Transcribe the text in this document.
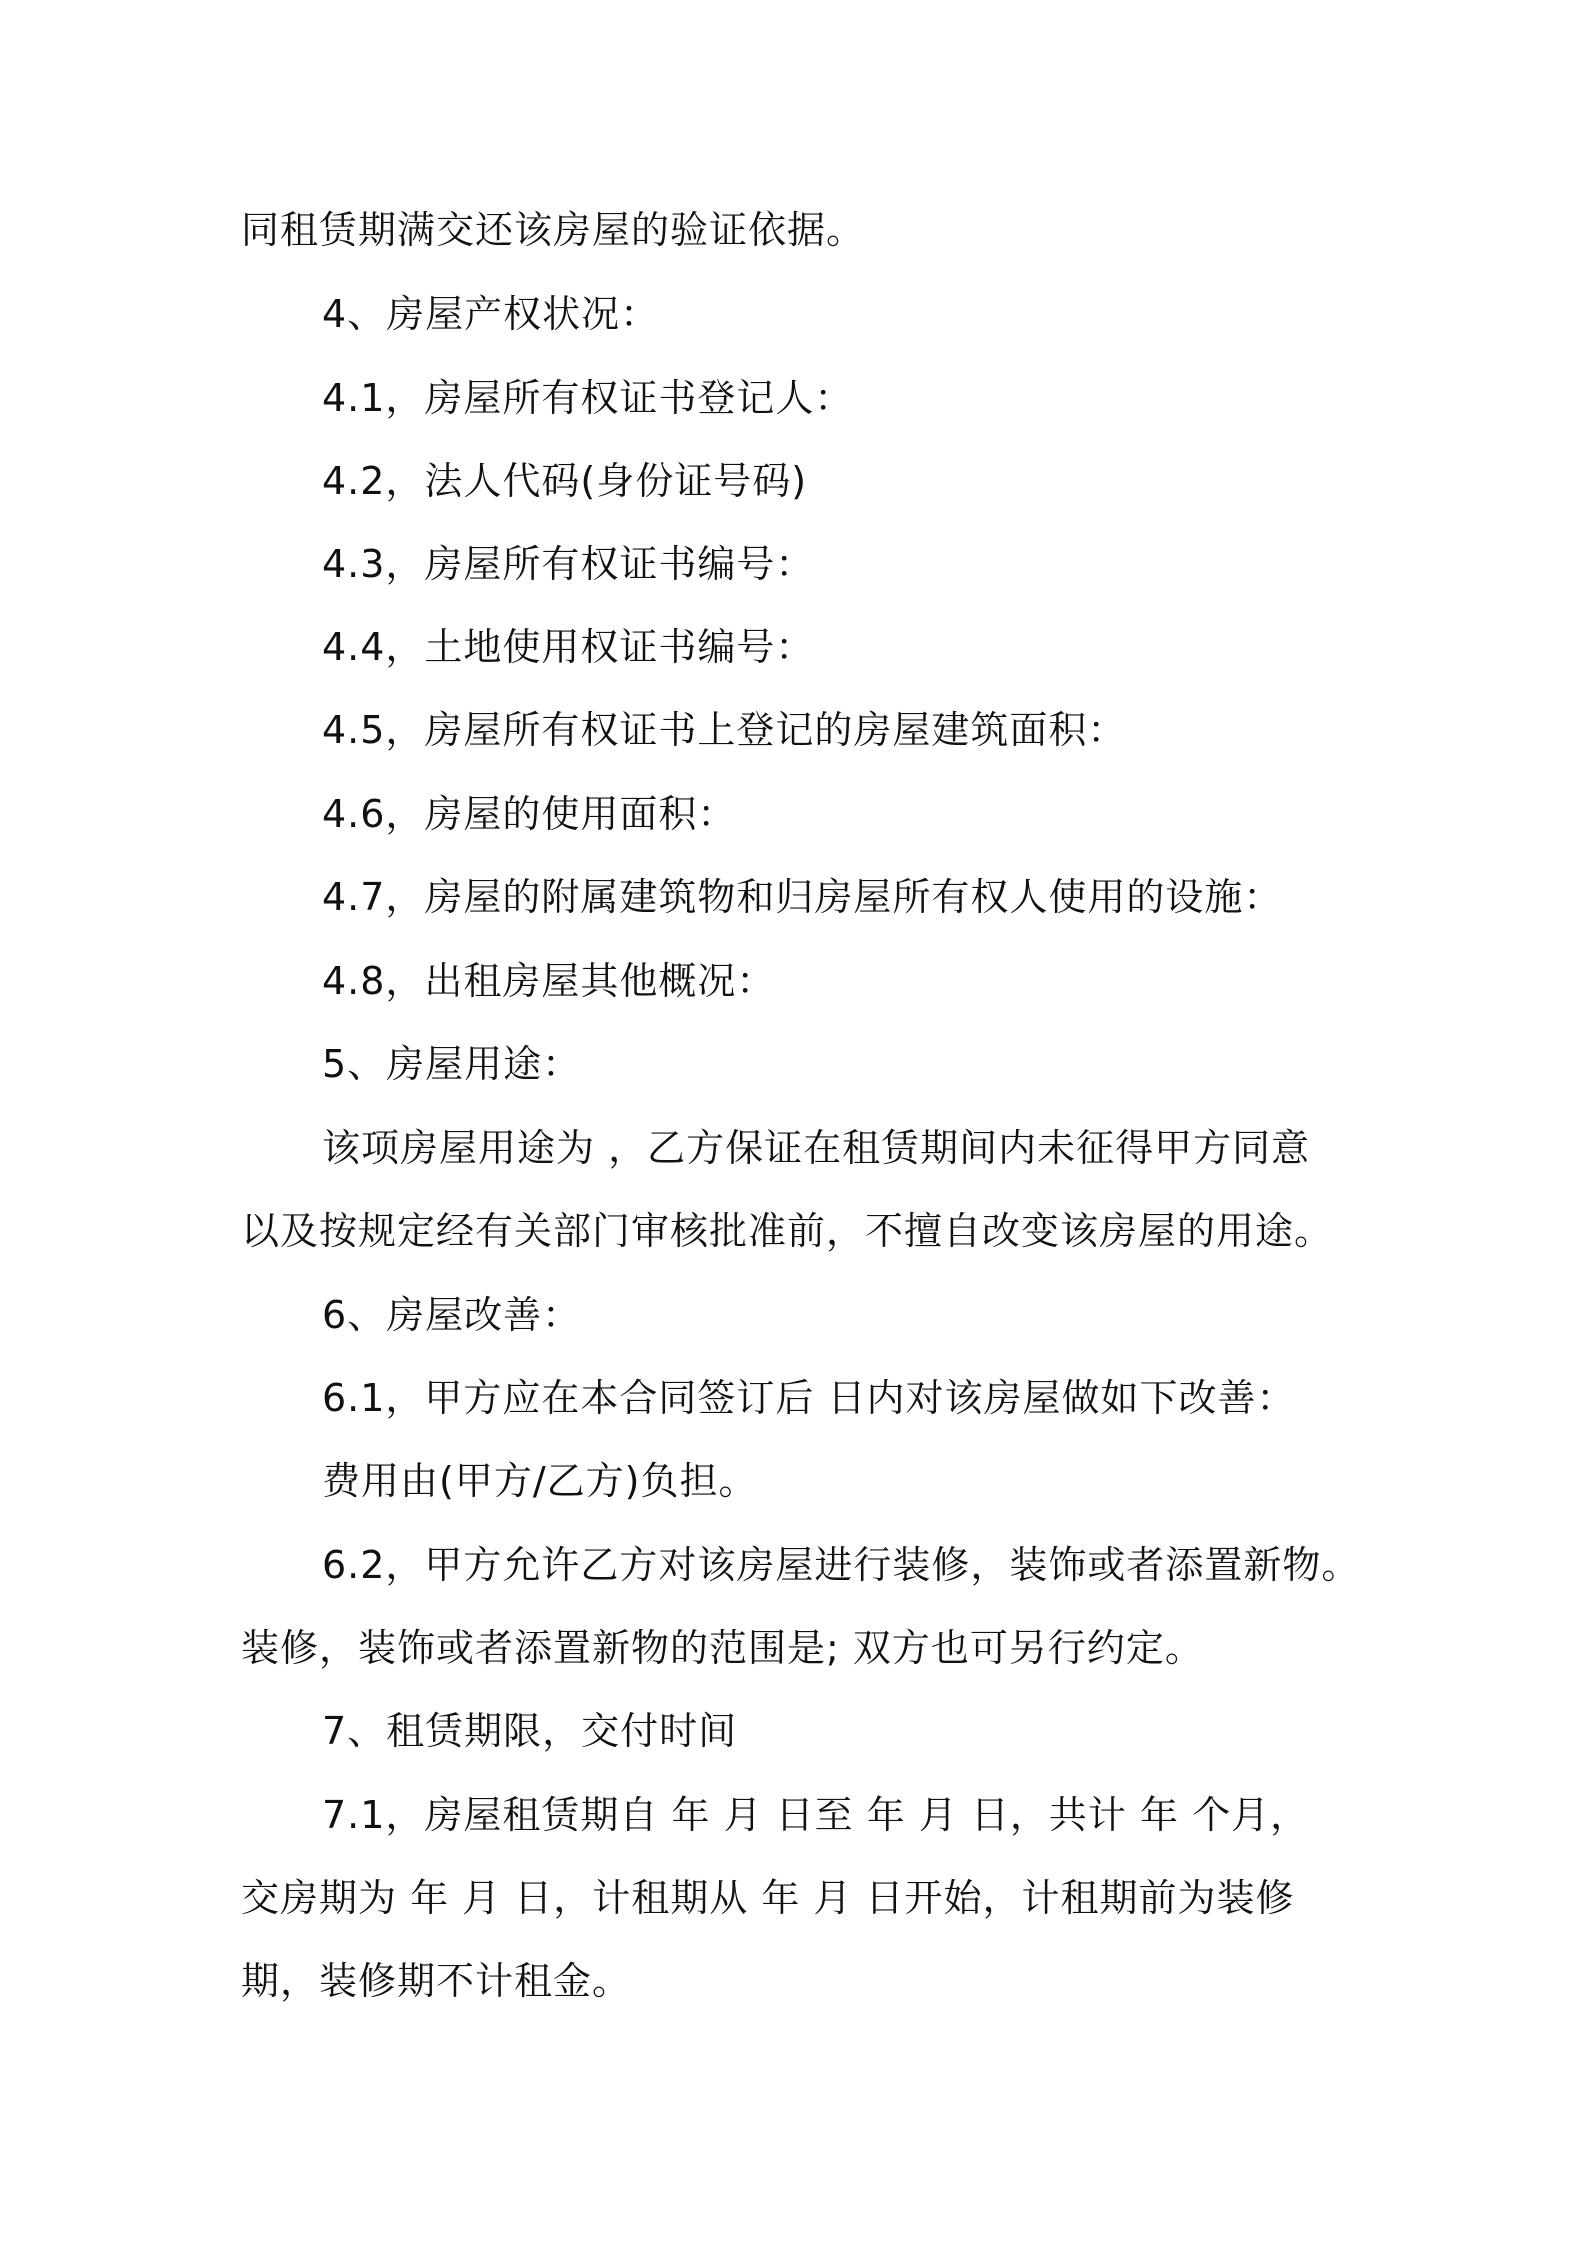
同租赁期满交还该房屋的验证依据。
4、房屋产权状况：
4.1，房屋所有权证书登记人：
4.2，法人代码(身份证号码)
4.3，房屋所有权证书编号：
4.4，土地使用权证书编号：
4.5，房屋所有权证书上登记的房屋建筑面积：
4.6，房屋的使用面积：
4.7，房屋的附属建筑物和归房屋所有权人使用的设施：
4.8，出租房屋其他概况：
5、房屋用途：
该项房屋用途为 ，乙方保证在租赁期间内未征得甲方同意
以及按规定经有关部门审核批准前，不擅自改变该房屋的用途。
6、房屋改善：
6.1，甲方应在本合同签订后 日内对该房屋做如下改善：
费用由(甲方/乙方)负担。
6.2，甲方允许乙方对该房屋进行装修，装饰或者添置新物。
装修，装饰或者添置新物的范围是; 双方也可另行约定。
7、租赁期限，交付时间
7.1，房屋租赁期自 年 月 日至 年 月 日，共计 年 个月，
交房期为 年 月 日，计租期从 年 月 日开始，计租期前为装修
期，装修期不计租金。
